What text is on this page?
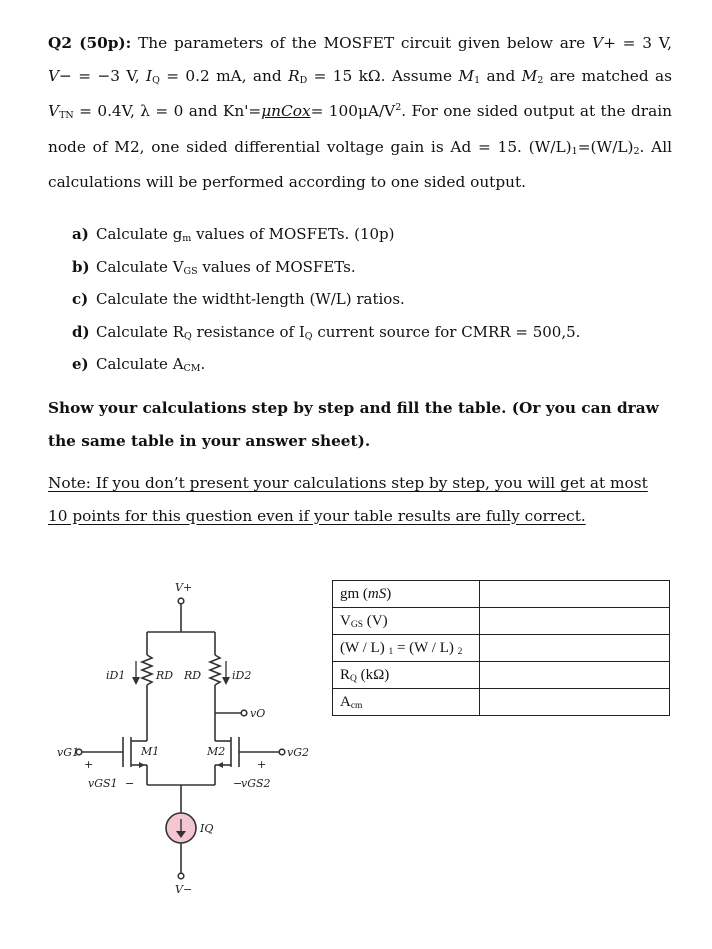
Q2 (50p): The parameters of the MOSFET circuit given below are V+ = 3 V, V− = −3 V, IQ = 0.2 mA, and RD = 15 kΩ. Assume M1 and M2 are matched as VTN = 0.4V, λ = 0 and Kn'=μnCox= $100\mu A/V^2$. For one sided output at the drain node of M2, one sided differential voltage gain is Ad = 15. (W/L)1=(W/L)2. All calculations will be performed according to one sided output.
a) Calculate gm values of MOSFETs. (10p)
b) Calculate VGS values of MOSFETs.
c) Calculate the widtht-length (W/L) ratios.
d) Calculate RQ resistance of IQ current source for CMRR = 500,5.
e) Calculate ACM.
Show your calculations step by step and fill the table. (Or you can draw the same table in your answer sheet).
Note: If you don’t present your calculations step by step, you will get at most 10 points for this question even if your table results are fully correct.
V+
V−
iD1	RD RD	iD2
vO
vG1	vG2
M1	M2
vGS1	vGS2
IQ
+
−
+
−
gm (mS)	
VGS (V)	
(W / L) 1 = (W / L) 2	
RQ (kΩ)	
Acm	
